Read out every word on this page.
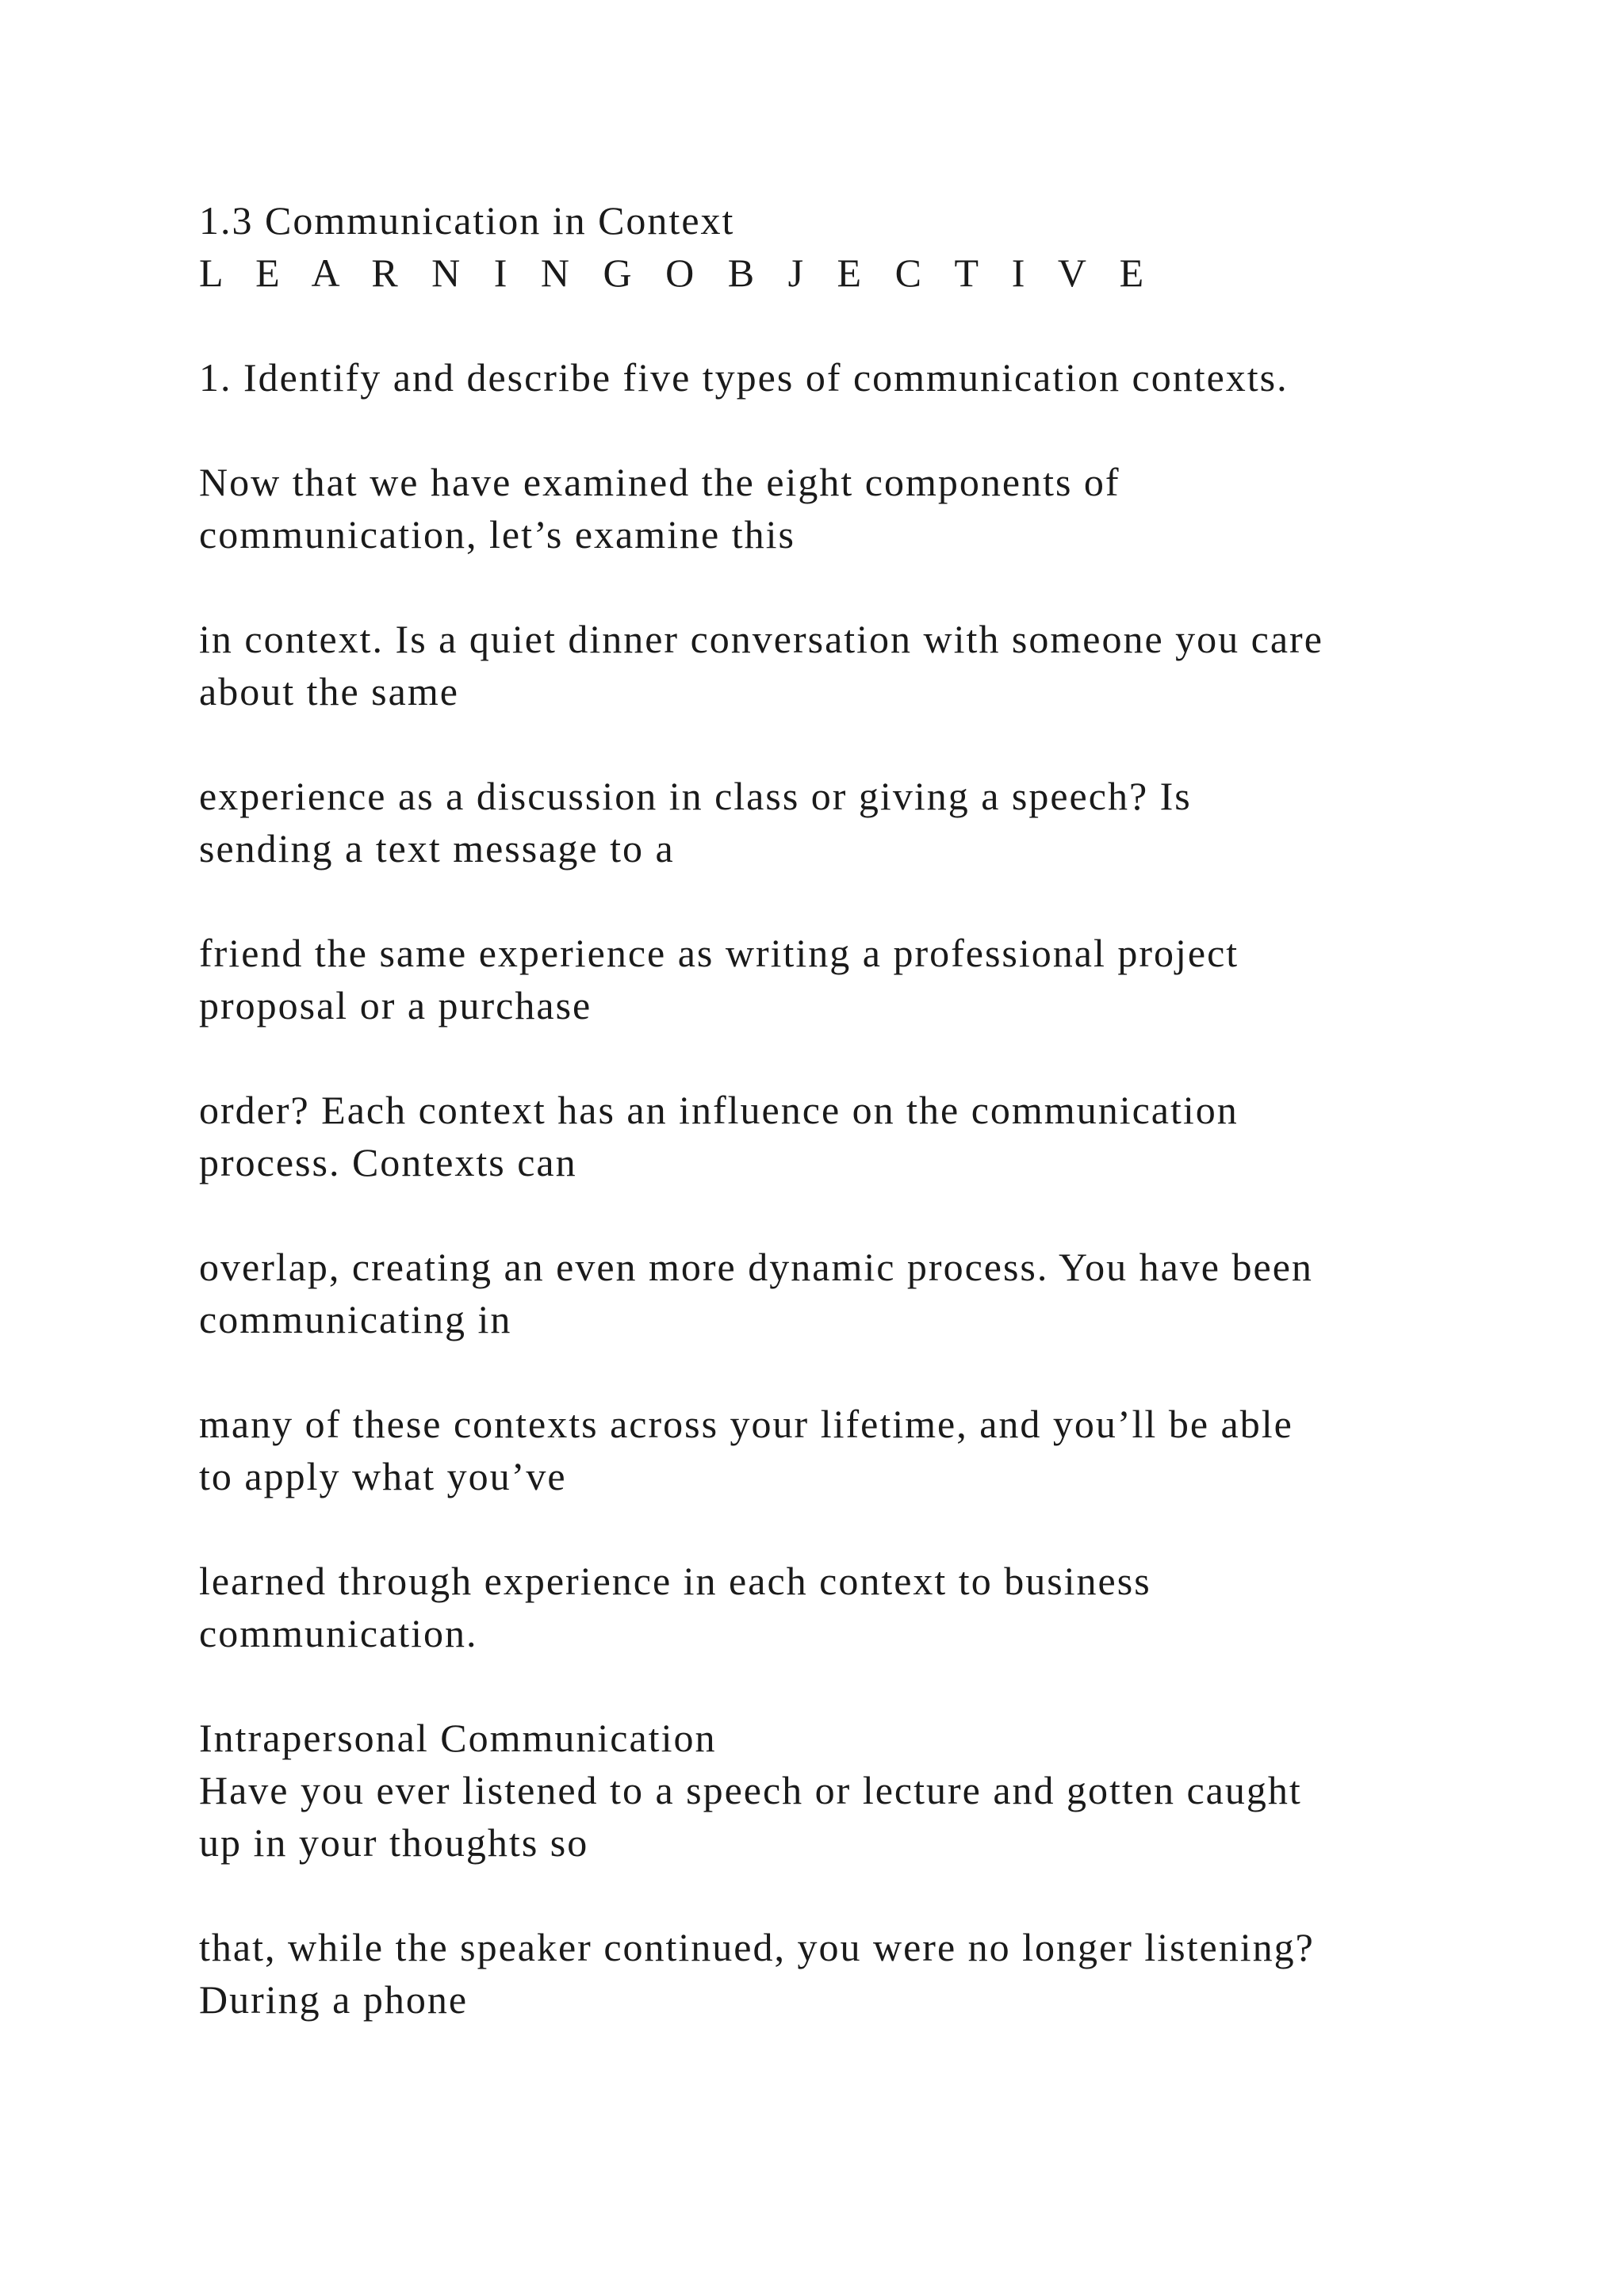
1.3 Communication in Context
L E A R N I N G O B J E C T I V E
1. Identify and describe five types of communication contexts.
Now that we have examined the eight components of
communication, let’s examine this
in context. Is a quiet dinner conversation with someone you care
about the same
experience as a discussion in class or giving a speech? Is
sending a text message to a
friend the same experience as writing a professional project
proposal or a purchase
order? Each context has an influence on the communication
process. Contexts can
overlap, creating an even more dynamic process. You have been
communicating in
many of these contexts across your lifetime, and you’ll be able
to apply what you’ve
learned through experience in each context to business
communication.
Intrapersonal Communication
Have you ever listened to a speech or lecture and gotten caught
up in your thoughts so
that, while the speaker continued, you were no longer listening?
During a phone
